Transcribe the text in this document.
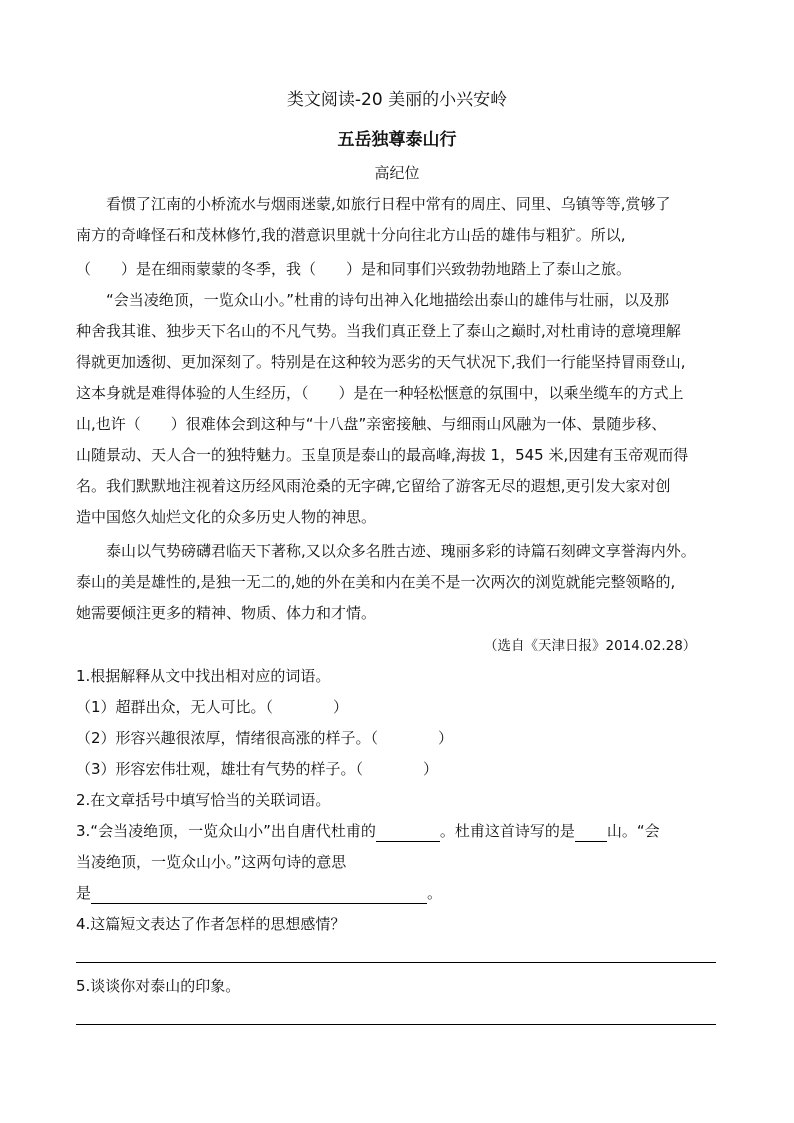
类文阅读-20 美丽的小兴安岭
五岳独尊泰山行
高纪位
看惯了江南的小桥流水与烟雨迷蒙,如旅行日程中常有的周庄、同里、乌镇等等,赏够了
南方的奇峰怪石和茂林修竹,我的潜意识里就十分向往北方山岳的雄伟与粗犷。所以,
（　　）是在细雨蒙蒙的冬季，我（　　）是和同事们兴致勃勃地踏上了泰山之旅。
“会当凌绝顶，一览众山小。”杜甫的诗句出神入化地描绘出泰山的雄伟与壮丽，以及那
种舍我其谁、独步天下名山的不凡气势。当我们真正登上了泰山之巅时,对杜甫诗的意境理解
得就更加透彻、更加深刻了。特别是在这种较为恶劣的天气状况下,我们一行能坚持冒雨登山,
这本身就是难得体验的人生经历，（　　）是在一种轻松惬意的氛围中，以乘坐缆车的方式上
山,也许（　　）很难体会到这种与“十八盘”亲密接触、与细雨山风融为一体、景随步移、
山随景动、天人合一的独特魅力。玉皇顶是泰山的最高峰,海拔 1，545 米,因建有玉帝观而得
名。我们默默地注视着这历经风雨沧桑的无字碑,它留给了游客无尽的遐想,更引发大家对创
造中国悠久灿烂文化的众多历史人物的神思。
泰山以气势磅礴君临天下著称,又以众多名胜古迹、瑰丽多彩的诗篇石刻碑文享誉海内外。
泰山的美是雄性的,是独一无二的,她的外在美和内在美不是一次两次的浏览就能完整领略的,
她需要倾注更多的精神、物质、体力和才情。
（选自《天津日报》2014.02.28）
1.根据解释从文中找出相对应的词语。
（1）超群出众，无人可比。（　　　　）
（2）形容兴趣很浓厚，情绪很高涨的样子。（　　　　）
（3）形容宏伟壮观，雄壮有气势的样子。（　　　　）
2.在文章括号中填写恰当的关联词语。
3.“会当凌绝顶，一览众山小”出自唐代杜甫的	。杜甫这首诗写的是 山。“会
当凌绝顶，一览众山小。”这两句诗的意思
是	。
4.这篇短文表达了作者怎样的思想感情？
5.谈谈你对泰山的印象。
